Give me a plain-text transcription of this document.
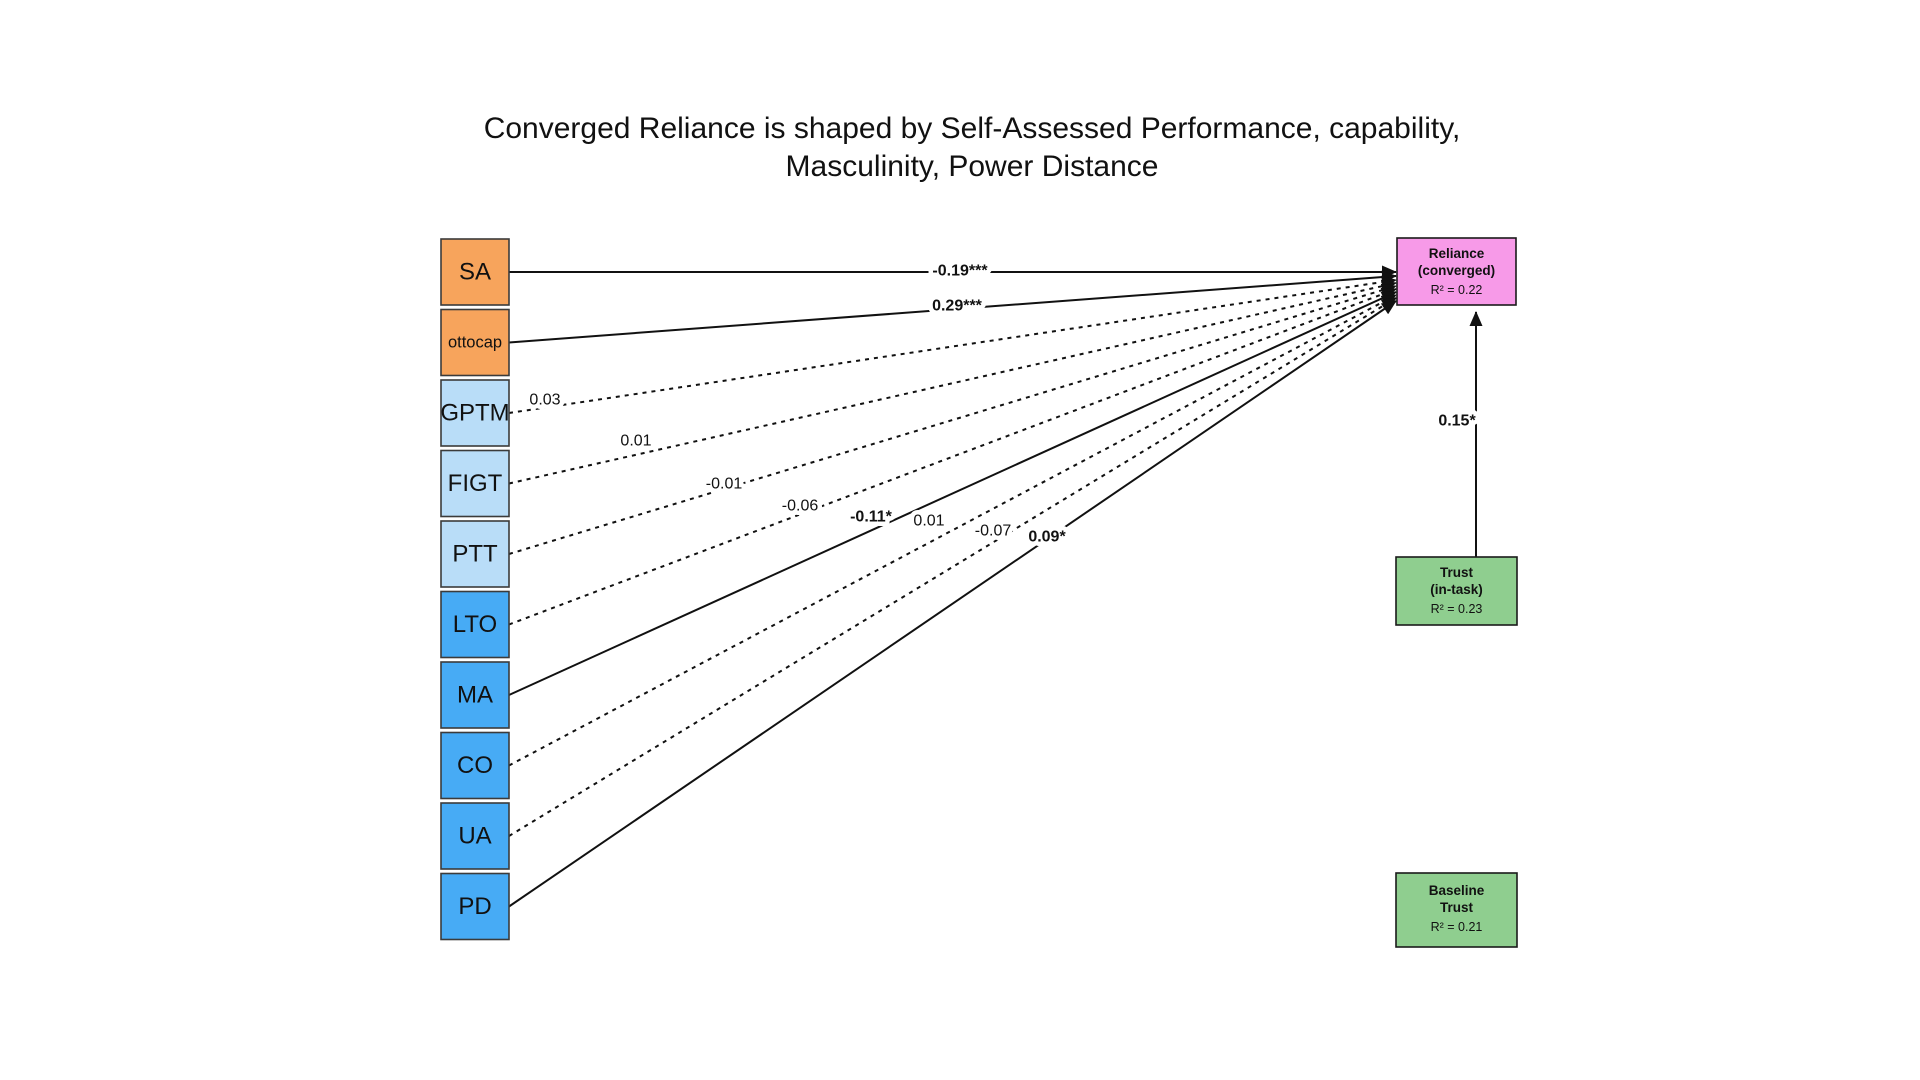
Converged Reliance is shaped by Self-Assessed Performance, capability,
Masculinity, Power Distance
SA
ottocap
GPTM
FIGT
PTT
LTO
MA
CO
UA
PD
Reliance
(converged)
R² = 0.22
Trust
(in-task)
R² = 0.23
Baseline
Trust
R² = 0.21
-0.19***
0.29***
0.03
0.01
-0.01
-0.06
-0.11* 0.01
-0.07 0.09*
0.15*
